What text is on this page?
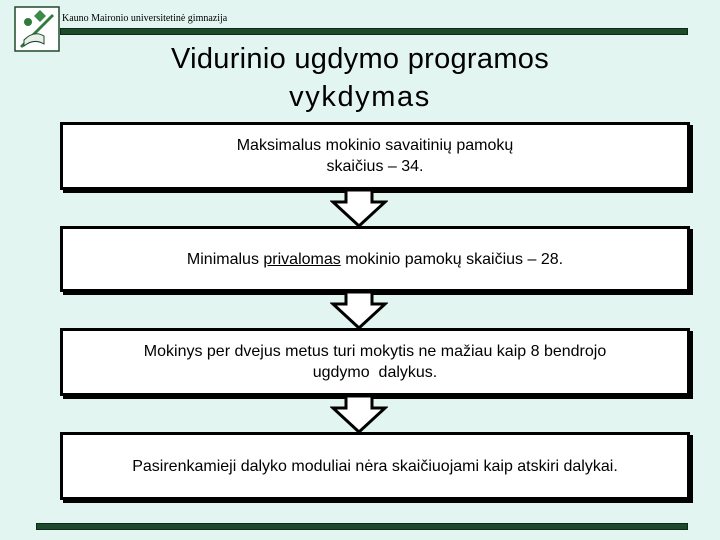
Kauno Maironio universitetinė gimnazija
Vidurinio ugdymo programos
vykdymas
Maksimalus mokinio savaitinių pamokų
skaičius – 34.
Minimalus privalomas mokinio pamokų skaičius – 28.
Mokinys per dvejus metus turi mokytis ne mažiau kaip 8 bendrojo
ugdymo  dalykus.
Pasirenkamieji dalyko moduliai nėra skaičiuojami kaip atskiri dalykai.
